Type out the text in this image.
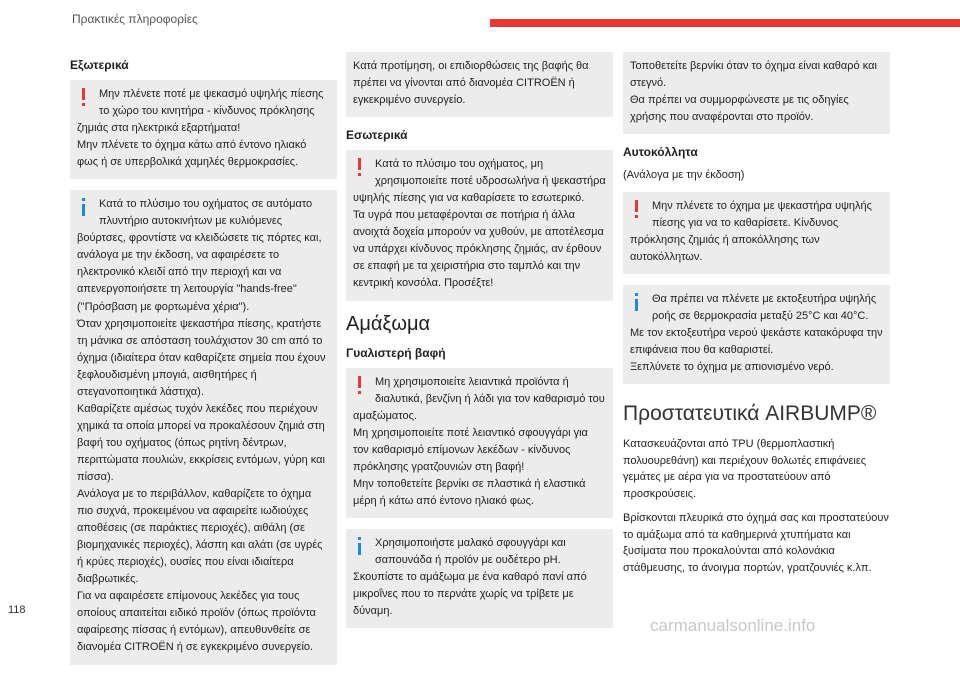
Πρακτικές πληροφορίες
Εξωτερικά
Μην πλένετε ποτέ με ψεκασμό υψηλής πίεσης το χώρο του κινητήρα - κίνδυνος πρόκλησης ζημιάς στα ηλεκτρικά εξαρτήματα!
Μην πλένετε το όχημα κάτω από έντονο ηλιακό φως ή σε υπερβολικά χαμηλές θερμοκρασίες.
Κατά το πλύσιμο του οχήματος σε αυτόματο πλυντήριο αυτοκινήτων με κυλιόμενες βούρτσες, φροντίστε να κλειδώσετε τις πόρτες και, ανάλογα με την έκδοση, να αφαιρέσετε το ηλεκτρονικό κλειδί από την περιοχή και να απενεργοποιήσετε τη λειτουργία "hands-free" ("Πρόσβαση με φορτωμένα χέρια").
Όταν χρησιμοποιείτε ψεκαστήρα πίεσης, κρατήστε τη μάνικα σε απόσταση τουλάχιστον 30 cm από το όχημα (ιδιαίτερα όταν καθαρίζετε σημεία που έχουν ξεφλουδισμένη μπογιά, αισθητήρες ή στεγανοποιητικά λάστιχα).
Καθαρίζετε αμέσως τυχόν λεκέδες που περιέχουν χημικά τα οποία μπορεί να προκαλέσουν ζημιά στη βαφή του οχήματος (όπως ρητίνη δέντρων, περιττώματα πουλιών, εκκρίσεις εντόμων, γύρη και πίσσα).
Ανάλογα με το περιβάλλον, καθαρίζετε το όχημα πιο συχνά, προκειμένου να αφαιρείτε ιωδιούχες αποθέσεις (σε παράκτιες περιοχές), αιθάλη (σε βιομηχανικές περιοχές), λάσπη και αλάτι (σε υγρές ή κρύες περιοχές), ουσίες που είναι ιδιαίτερα διαβρωτικές.
Για να αφαιρέσετε επίμονους λεκέδες για τους οποίους απαιτείται ειδικό προϊόν (όπως προϊόντα αφαίρεσης πίσσας ή εντόμων), απευθυνθείτε σε διανομέα CITROËN ή σε εγκεκριμένο συνεργείο.
Κατά προτίμηση, οι επιδιορθώσεις της βαφής θα πρέπει να γίνονται από διανομέα CITROËN ή εγκεκριμένο συνεργείο.
Εσωτερικά
Κατά το πλύσιμο του οχήματος, μη χρησιμοποιείτε ποτέ υδροσωλήνα ή ψεκαστήρα υψηλής πίεσης για να καθαρίσετε το εσωτερικό.
Τα υγρά που μεταφέρονται σε ποτήρια ή άλλα ανοιχτά δοχεία μπορούν να χυθούν, με αποτέλεσμα να υπάρχει κίνδυνος πρόκλησης ζημιάς, αν έρθουν σε επαφή με τα χειριστήρια στο ταμπλό και την κεντρική κονσόλα. Προσέξτε!
Αμάξωμα
Γυαλιστερή βαφή
Μη χρησιμοποιείτε λειαντικά προϊόντα ή διαλυτικά, βενζίνη ή λάδι για τον καθαρισμό του αμαξώματος.
Μη χρησιμοποιείτε ποτέ λειαντικό σφουγγάρι για τον καθαρισμό επίμονων λεκέδων - κίνδυνος πρόκλησης γρατζουνιών στη βαφή!
Μην τοποθετείτε βερνίκι σε πλαστικά ή ελαστικά μέρη ή κάτω από έντονο ηλιακό φως.
Χρησιμοποιήστε μαλακό σφουγγάρι και σαπουνάδα ή προϊόν με ουδέτερο pH.
Σκουπίστε το αμάξωμα με ένα καθαρό πανί από μικροΐνες που το περνάτε χωρίς να τρίβετε με δύναμη.
Τοποθετείτε βερνίκι όταν το όχημα είναι καθαρό και στεγνό.
Θα πρέπει να συμμορφώνεστε με τις οδηγίες χρήσης που αναφέρονται στο προϊόν.
Αυτοκόλλητα

(Ανάλογα με την έκδοση)

Μην πλένετε το όχημα με ψεκαστήρα υψηλής πίεσης για να το καθαρίσετε. Κίνδυνος πρόκλησης ζημιάς ή αποκόλλησης των αυτοκόλλητων.
Θα πρέπει να πλένετε με εκτοξευτήρα υψηλής ροής σε θερμοκρασία μεταξύ 25°C και 40°C.
Με τον εκτοξευτήρα νερού ψεκάστε κατακόρυφα την επιφάνεια που θα καθαριστεί.
Ξεπλύνετε το όχημα με απιονισμένο νερό.
Προστατευτικά AIRBUMP®

Κατασκευάζονται από TPU (θερμοπλαστική πολυουρεθάνη) και περιέχουν θολωτές επιφάνειες γεμάτες με αέρα για να προστατεύουν από προσκρούσεις.

Βρίσκονται πλευρικά στο όχημά σας και προστατεύουν το αμάξωμα από τα καθημερινά χτυπήματα και ξυσίματα που προκαλούνται από κολονάκια στάθμευσης, το άνοιγμα πορτών, γρατζουνιές κ.λπ.

118
carmanualsonline.info
